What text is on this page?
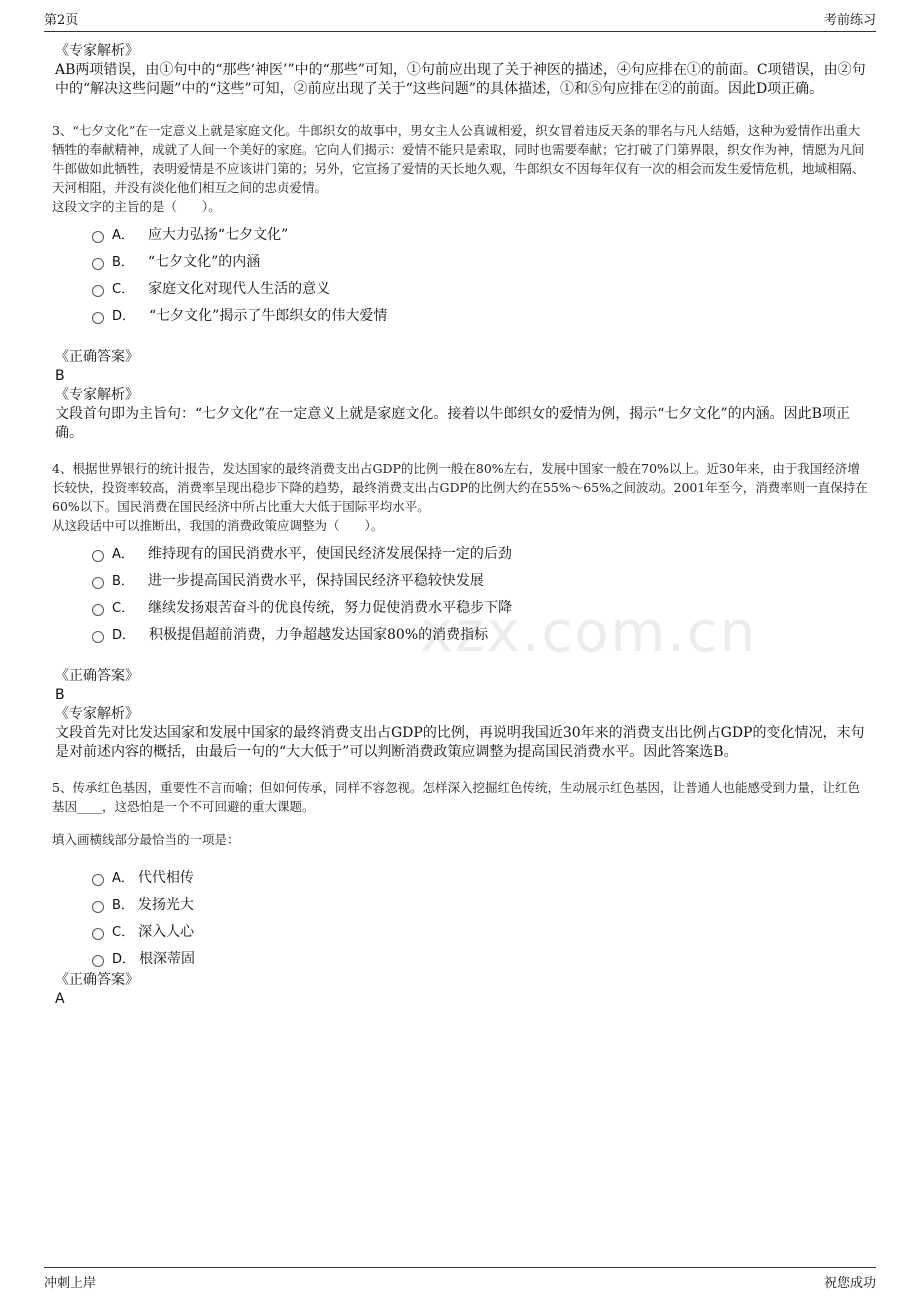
第2页	考前练习
xzx.com.cn
《专家解析》
AB两项错误，由①句中的“那些‘神医’”中的“那些”可知，①句前应出现了关于神医的描述，④句应排在①的前面。C项错误，由②句中的“解决这些问题”中的“这些”可知，②前应出现了关于“这些问题”的具体描述，①和⑤句应排在②的前面。因此D项正确。
3、“七夕文化”在一定意义上就是家庭文化。牛郎织女的故事中，男女主人公真诚相爱，织女冒着违反天条的罪名与凡人结婚，这种为爱情作出重大牺牲的奉献精神，成就了人间一个美好的家庭。它向人们揭示：爱情不能只是索取，同时也需要奉献；它打破了门第界限，织女作为神，情愿为凡间牛郎做如此牺牲，表明爱情是不应该讲门第的；另外，它宣扬了爱情的天长地久观，牛郎织女不因每年仅有一次的相会而发生爱情危机，地域相隔、天河相阻，并没有淡化他们相互之间的忠贞爱情。
这段文字的主旨的是（　　）。
A． 应大力弘扬“七夕文化”
B． “七夕文化”的内涵
C． 家庭文化对现代人生活的意义
D． “七夕文化”揭示了牛郎织女的伟大爱情
《正确答案》
B
《专家解析》
文段首句即为主旨句：“七夕文化”在一定意义上就是家庭文化。接着以牛郎织女的爱情为例，揭示“七夕文化”的内涵。因此B项正确。
4、根据世界银行的统计报告，发达国家的最终消费支出占GDP的比例一般在80%左右，发展中国家一般在70%以上。近30年来，由于我国经济增长较快，投资率较高，消费率呈现出稳步下降的趋势，最终消费支出占GDP的比例大约在55%～65%之间波动。2001年至今，消费率则一直保持在60%以下。国民消费在国民经济中所占比重大大低于国际平均水平。
从这段话中可以推断出，我国的消费政策应调整为（　　）。
A． 维持现有的国民消费水平，使国民经济发展保持一定的后劲
B． 进一步提高国民消费水平，保持国民经济平稳较快发展
C． 继续发扬艰苦奋斗的优良传统，努力促使消费水平稳步下降
D． 积极提倡超前消费，力争超越发达国家80%的消费指标
《正确答案》
B
《专家解析》
文段首先对比发达国家和发展中国家的最终消费支出占GDP的比例，再说明我国近30年来的消费支出比例占GDP的变化情况，末句是对前述内容的概括，由最后一句的“大大低于”可以判断消费政策应调整为提高国民消费水平。因此答案选B。
5、传承红色基因，重要性不言而喻；但如何传承，同样不容忽视。怎样深入挖掘红色传统，生动展示红色基因，让普通人也能感受到力量，让红色基因____，这恐怕是一个不可回避的重大课题。
填入画横线部分最恰当的一项是：
A． 代代相传
B． 发扬光大
C． 深入人心
D． 根深蒂固
《正确答案》
A
冲刺上岸	祝您成功
